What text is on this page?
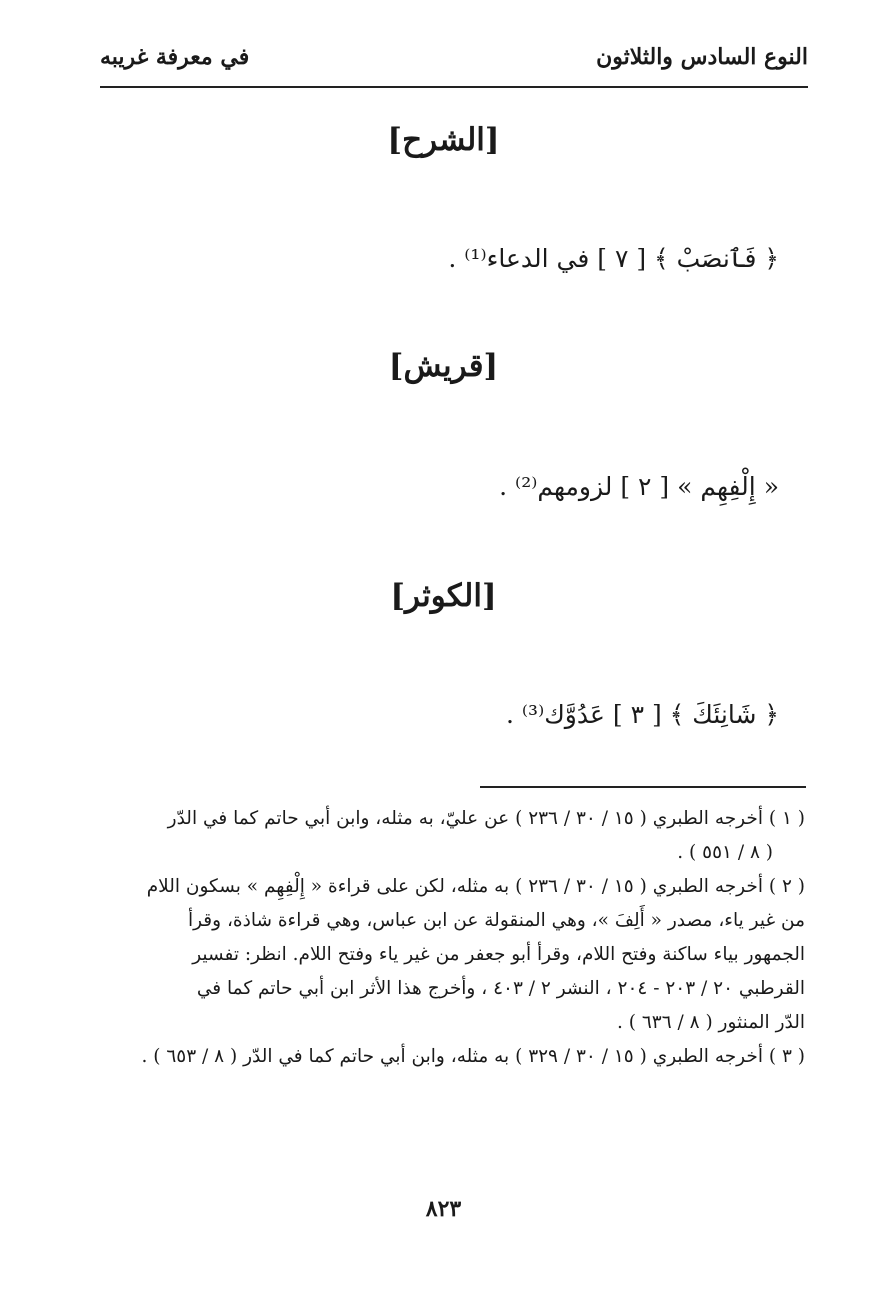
النوع السادس والثلاثون
في معرفة غريبه
[الشرح]
﴿ فَٱنصَبْ ﴾ [ ٧ ] في الدعاء⁽¹⁾ .
[قريش]
« إِلْفِهِم » [ ٢ ] لزومهم⁽²⁾ .
[الكوثر]
﴿ شَانِئَكَ ﴾ [ ٣ ] عَدُوَّك⁽³⁾ .
( ١ ) أخرجه الطبري ( ١٥ / ٣٠ / ٢٣٦ ) عن عليّ، به مثله، وابن أبي حاتم كما في الدّر
( ٨ / ٥٥١ ) .
( ٢ ) أخرجه الطبري ( ١٥ / ٣٠ / ٢٣٦ ) به مثله، لكن على قراءة « إِلْفِهِم » بسكون اللام
من غير ياء، مصدر « أَلِفَ »، وهي المنقولة عن ابن عباس، وهي قراءة شاذة، وقرأ
الجمهور بياء ساكنة وفتح اللام، وقرأ أبو جعفر من غير ياء وفتح اللام. انظر: تفسير
القرطبي ٢٠ / ٢٠٣ - ٢٠٤ ، النشر ٢ / ٤٠٣ ، وأخرج هذا الأثر ابن أبي حاتم كما في
الدّر المنثور ( ٨ / ٦٣٦ ) .
( ٣ ) أخرجه الطبري ( ١٥ / ٣٠ / ٣٢٩ ) به مثله، وابن أبي حاتم كما في الدّر ( ٨ / ٦٥٣ ) .
٨٢٣
